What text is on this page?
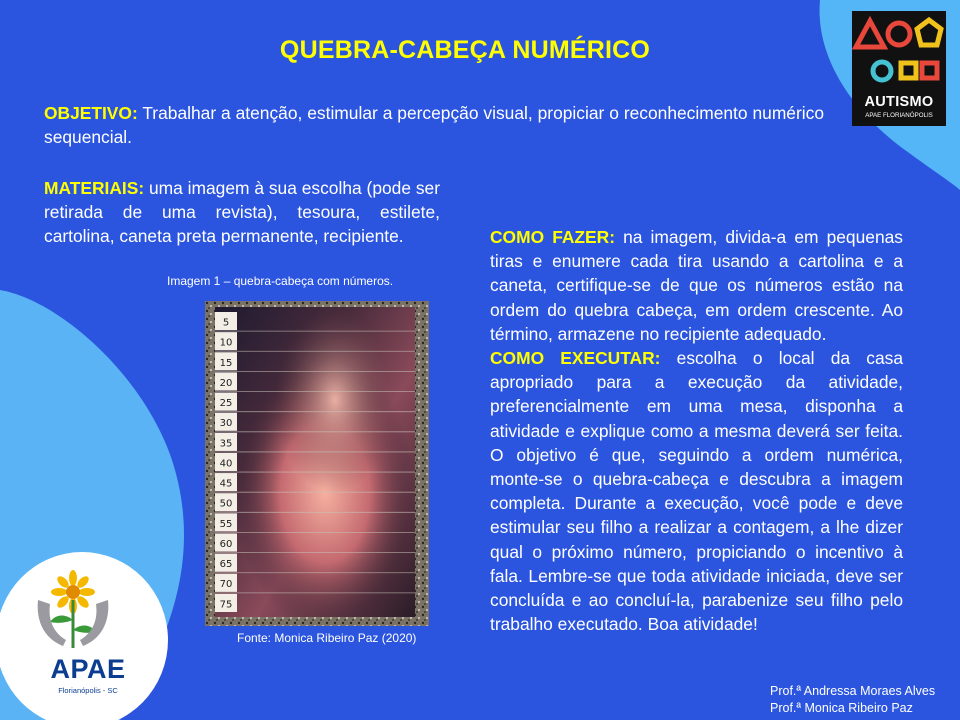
QUEBRA-CABEÇA NUMÉRICO
OBJETIVO: Trabalhar a atenção, estimular a percepção visual, propiciar o reconhecimento numérico sequencial.
MATERIAIS: uma imagem à sua escolha (pode ser retirada de uma revista), tesoura, estilete, cartolina, caneta preta permanente, recipiente.	COMO FAZER: na imagem, divida-a em pequenas tiras e enumere cada tira usando a cartolina e a caneta, certifique-se de que os números estão na ordem do quebra cabeça, em ordem crescente. Ao término, armazene no recipiente adequado.
COMO EXECUTAR: escolha o local da casa apropriado para a execução da atividade, preferencialmente em uma mesa, disponha a atividade e explique como a mesma deverá ser feita. O objetivo é que, seguindo a ordem numérica, monte-se o quebra-cabeça e descubra a imagem completa. Durante a execução, você pode e deve estimular seu filho a realizar a contagem, a lhe dizer qual o próximo número, propiciando o incentivo à fala. Lembre-se que toda atividade iniciada, deve ser concluída e ao concluí-la, parabenize seu filho pelo trabalho executado. Boa atividade!
Imagem 1 – quebra-cabeça com números.
5
10
15
20
25
30
35
40
45
50
55
60
65
70
75
Fonte: Monica Ribeiro Paz (2020)
Prof.ª Andressa Moraes Alves
Prof.ª Monica Ribeiro Paz
AUTISMO
APAE FLORIANÓPOLIS
APAE
Florianópolis - SC
